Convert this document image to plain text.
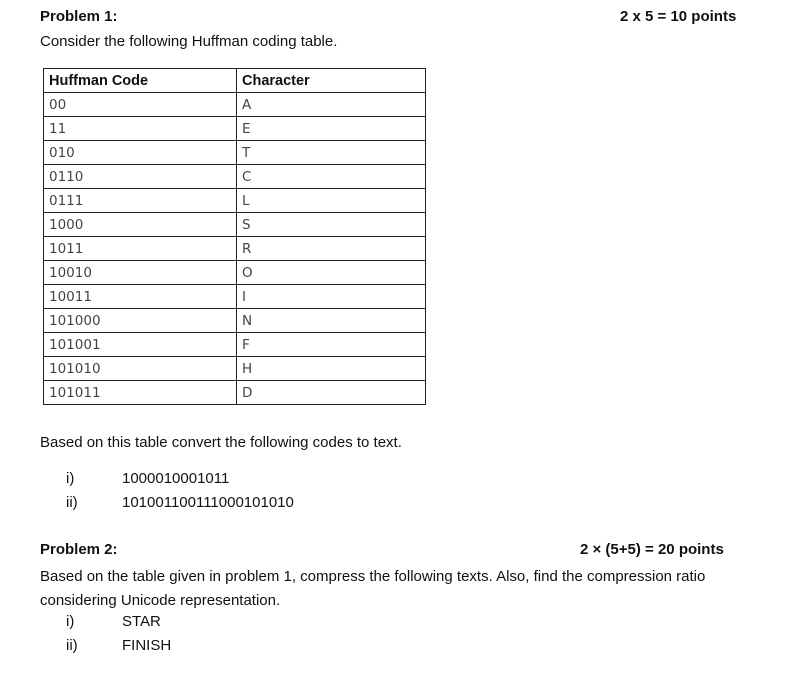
Problem 1:	2 x 5 = 10 points
Consider the following Huffman coding table.
Huffman Code	Character
00	A
11	E
010	T
0110	C
0111	L
1000	S
1011	R
10010	O
10011	I
101000	N
101001	F
101010	H
101011	D
Based on this table convert the following codes to text.
i)	1000010001011
ii)	10100110011100010101​0
Problem 2:	2 × (5+5) = 20 points
Based on the table given in problem 1, compress the following texts. Also, find the compression ratio considering Unicode representation.
i)	STAR
ii)	FINISH
